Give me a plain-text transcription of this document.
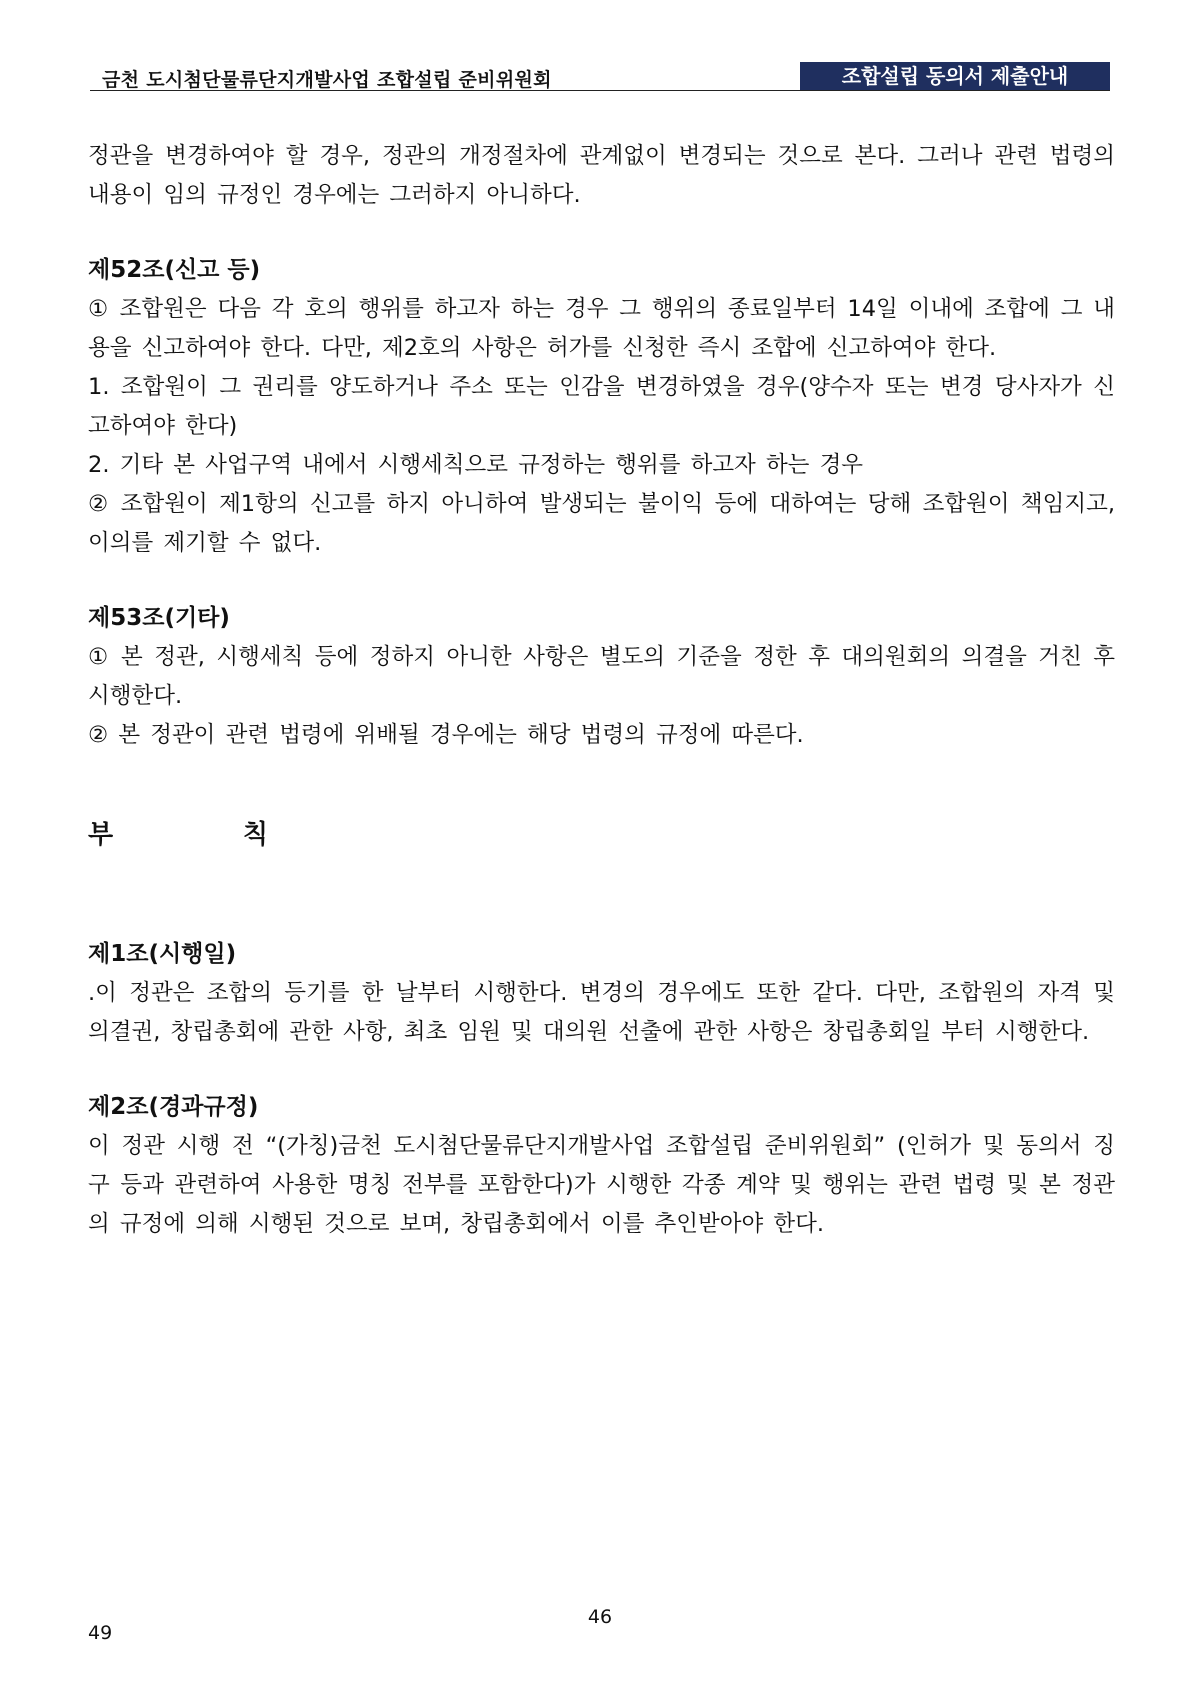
금천 도시첨단물류단지개발사업 조합설립 준비위원회	조합설립 동의서 제출안내

정관을 변경하여야 할 경우, 정관의 개정절차에 관계없이 변경되는 것으로 본다. 그러나 관련 법령의 내용이 임의 규정인 경우에는 그러하지 아니하다.

제52조(신고 등)

① 조합원은 다음 각 호의 행위를 하고자 하는 경우 그 행위의 종료일부터 14일 이내에 조합에 그 내용을 신고하여야 한다. 다만, 제2호의 사항은 허가를 신청한 즉시 조합에 신고하여야 한다.

1. 조합원이 그 권리를 양도하거나 주소 또는 인감을 변경하였을 경우(양수자 또는 변경 당사자가 신고하여야 한다)

2. 기타 본 사업구역 내에서 시행세칙으로 규정하는 행위를 하고자 하는 경우

② 조합원이 제1항의 신고를 하지 아니하여 발생되는 불이익 등에 대하여는 당해 조합원이 책임지고, 이의를 제기할 수 없다.

제53조(기타)

① 본 정관, 시행세칙 등에 정하지 아니한 사항은 별도의 기준을 정한 후 대의원회의 의결을 거친 후 시행한다.

② 본 정관이 관련 법령에 위배될 경우에는 해당 법령의 규정에 따른다.

부	칙
제1조(시행일)

.이 정관은 조합의 등기를 한 날부터 시행한다. 변경의 경우에도 또한 같다. 다만, 조합원의 자격 및 의결권, 창립총회에 관한 사항, 최초 임원 및 대의원 선출에 관한 사항은 창립총회일 부터 시행한다.

제2조(경과규정)

이 정관 시행 전 “(가칭)금천 도시첨단물류단지개발사업 조합설립 준비위원회” (인허가 및 동의서 징구 등과 관련하여 사용한 명칭 전부를 포함한다)가 시행한 각종 계약 및 행위는 관련 법령 및 본 정관의 규정에 의해 시행된 것으로 보며, 창립총회에서 이를 추인받아야 한다.

46
49
